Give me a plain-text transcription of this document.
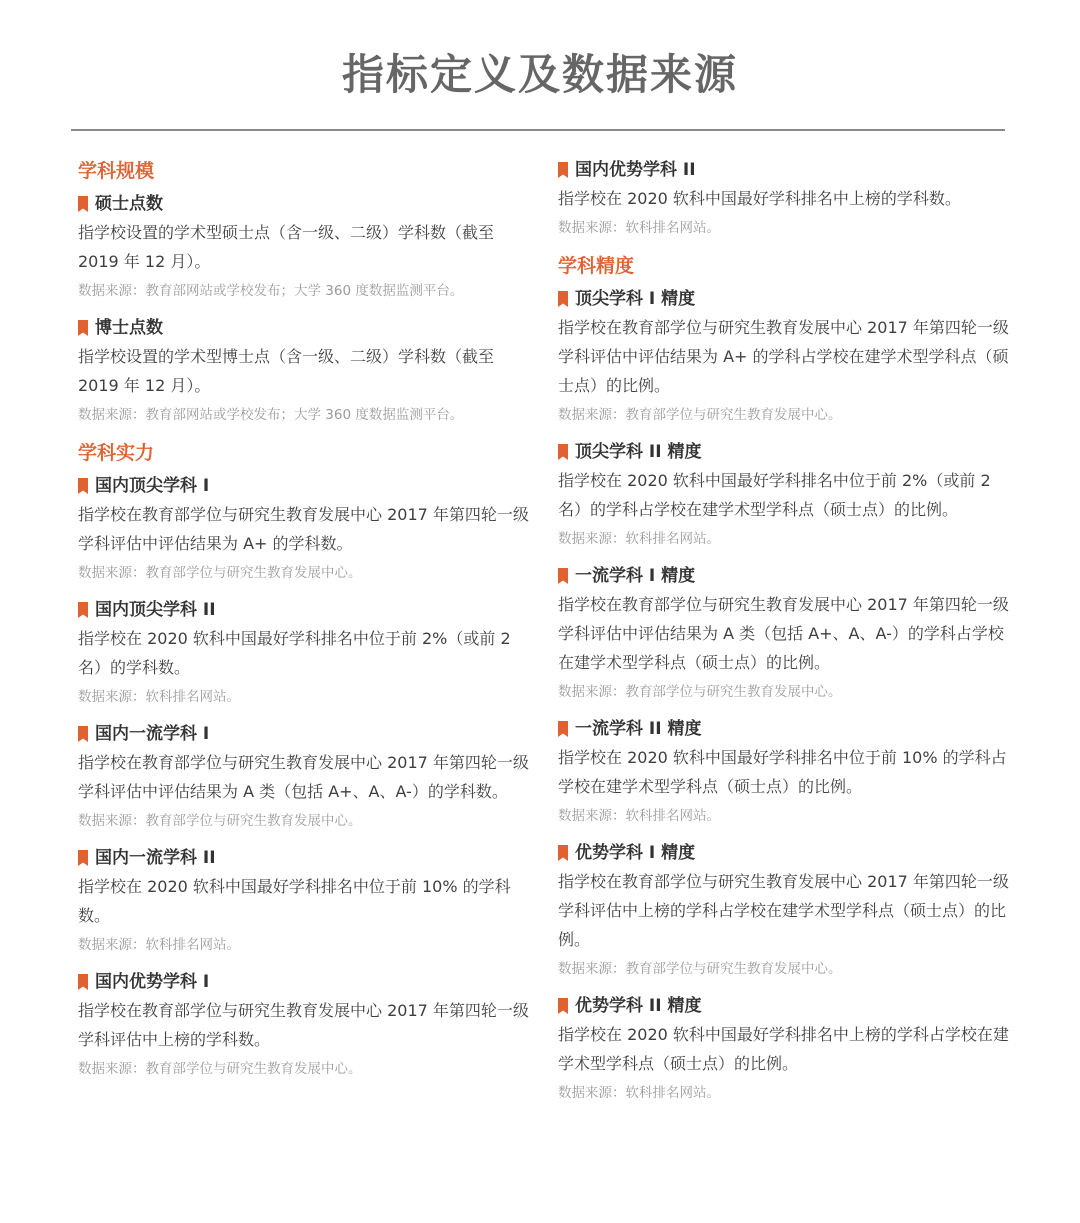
指标定义及数据来源
学科规模
硕士点数
指学校设置的学术型硕士点（含一级、二级）学科数（截至2019 年 12 月）。
数据来源：教育部网站或学校发布；大学 360 度数据监测平台。
博士点数
指学校设置的学术型博士点（含一级、二级）学科数（截至2019 年 12 月）。
数据来源：教育部网站或学校发布；大学 360 度数据监测平台。
学科实力
国内顶尖学科 I
指学校在教育部学位与研究生教育发展中心 2017 年第四轮一级学科评估中评估结果为 A+ 的学科数。
数据来源：教育部学位与研究生教育发展中心。
国内顶尖学科 II
指学校在 2020 软科中国最好学科排名中位于前 2%（或前 2 名）的学科数。
数据来源：软科排名网站。
国内一流学科 I
指学校在教育部学位与研究生教育发展中心 2017 年第四轮一级学科评估中评估结果为 A 类（包括 A+、A、A-）的学科数。
数据来源：教育部学位与研究生教育发展中心。
国内一流学科 II
指学校在 2020 软科中国最好学科排名中位于前 10% 的学科数。
数据来源：软科排名网站。
国内优势学科 I
指学校在教育部学位与研究生教育发展中心 2017 年第四轮一级学科评估中上榜的学科数。
数据来源：教育部学位与研究生教育发展中心。
国内优势学科 II
指学校在 2020 软科中国最好学科排名中上榜的学科数。
数据来源：软科排名网站。
学科精度
顶尖学科 I 精度
指学校在教育部学位与研究生教育发展中心 2017 年第四轮一级学科评估中评估结果为 A+ 的学科占学校在建学术型学科点（硕士点）的比例。
数据来源：教育部学位与研究生教育发展中心。
顶尖学科 II 精度
指学校在 2020 软科中国最好学科排名中位于前 2%（或前 2 名）的学科占学校在建学术型学科点（硕士点）的比例。
数据来源：软科排名网站。
一流学科 I 精度
指学校在教育部学位与研究生教育发展中心 2017 年第四轮一级学科评估中评估结果为 A 类（包括 A+、A、A-）的学科占学校在建学术型学科点（硕士点）的比例。
数据来源：教育部学位与研究生教育发展中心。
一流学科 II 精度
指学校在 2020 软科中国最好学科排名中位于前 10% 的学科占学校在建学术型学科点（硕士点）的比例。
数据来源：软科排名网站。
优势学科 I 精度
指学校在教育部学位与研究生教育发展中心 2017 年第四轮一级学科评估中上榜的学科占学校在建学术型学科点（硕士点）的比例。
数据来源：教育部学位与研究生教育发展中心。
优势学科 II 精度
指学校在 2020 软科中国最好学科排名中上榜的学科占学校在建学术型学科点（硕士点）的比例。
数据来源：软科排名网站。
